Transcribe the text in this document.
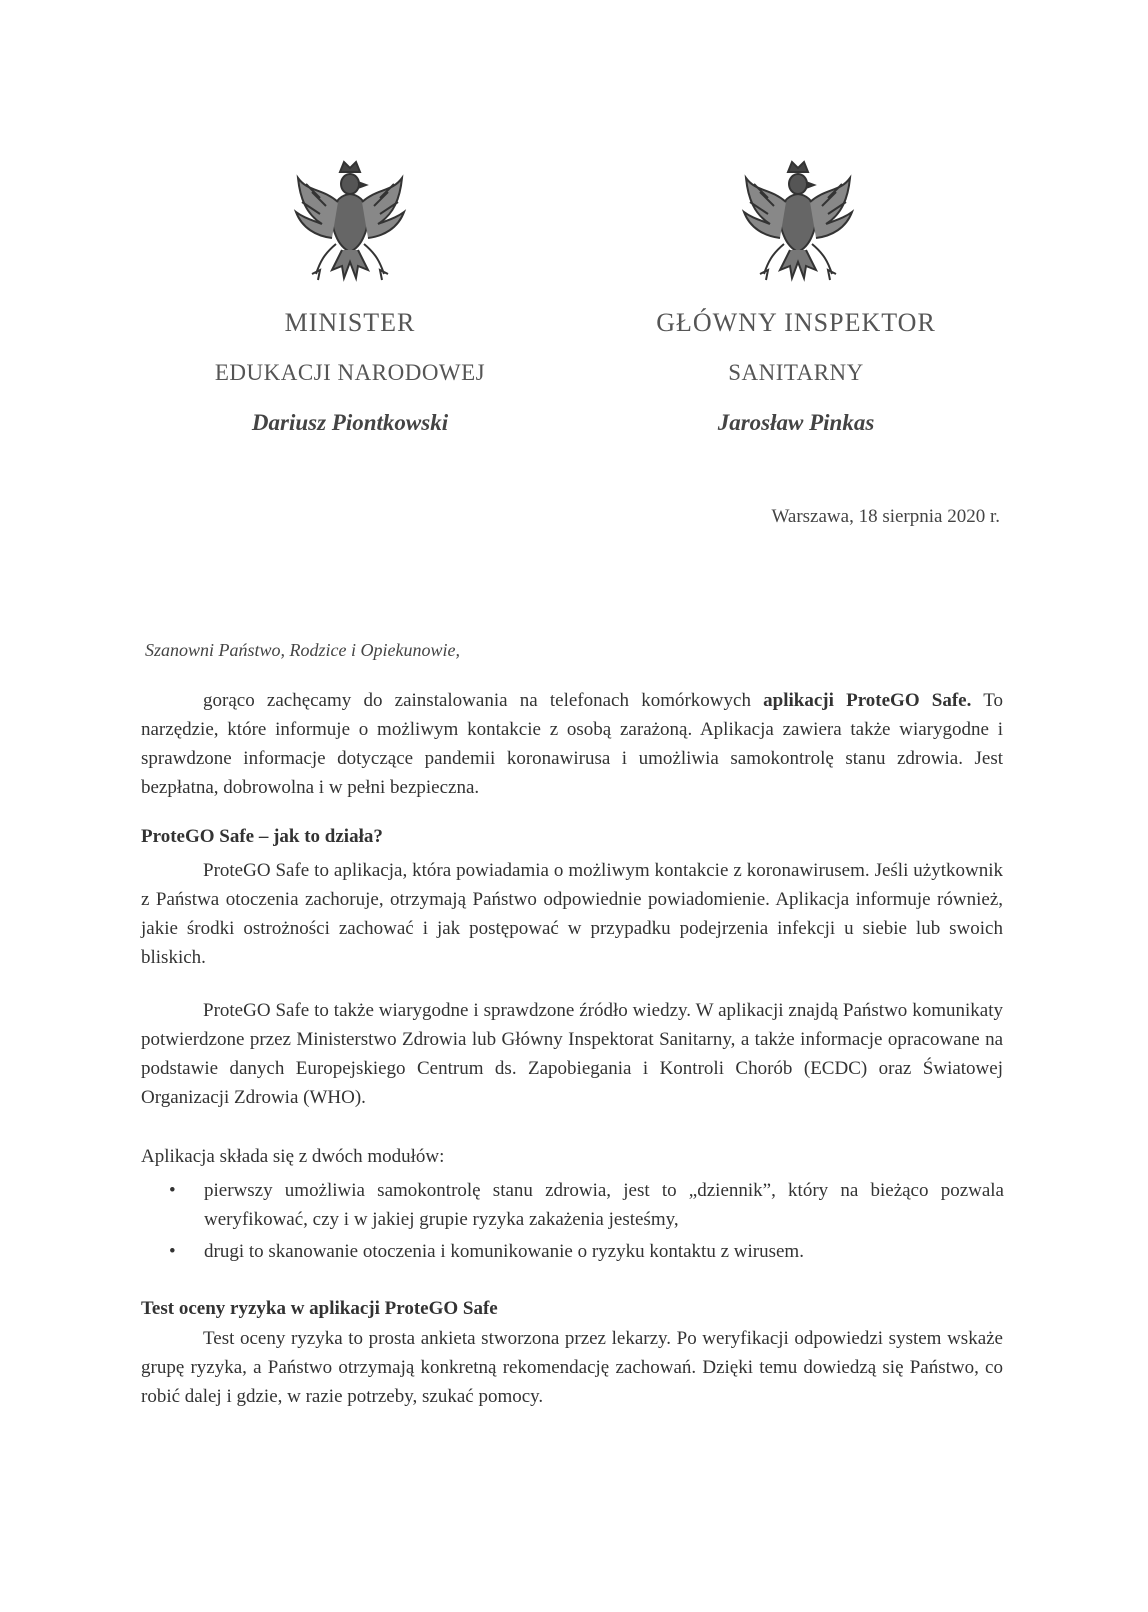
MINISTER
EDUKACJI NARODOWEJ
Dariusz Piontkowski
GŁÓWNY INSPEKTOR
SANITARNY
Jarosław Pinkas
Warszawa, 18 sierpnia 2020 r.
Szanowni Państwo, Rodzice i Opiekunowie,
gorąco zachęcamy do zainstalowania na telefonach komórkowych aplikacji ProteGO Safe. To narzędzie, które informuje o możliwym kontakcie z osobą zarażoną. Aplikacja zawiera także wiarygodne i sprawdzone informacje dotyczące pandemii koronawirusa i umożliwia samokontrolę stanu zdrowia. Jest bezpłatna, dobrowolna i w pełni bezpieczna.
ProteGO Safe – jak to działa?
ProteGO Safe to aplikacja, która powiadamia o możliwym kontakcie z koronawirusem. Jeśli użytkownik z Państwa otoczenia zachoruje, otrzymają Państwo odpowiednie powiadomienie. Aplikacja informuje również, jakie środki ostrożności zachować i jak postępować w przypadku podejrzenia infekcji u siebie lub swoich bliskich.
ProteGO Safe to także wiarygodne i sprawdzone źródło wiedzy. W aplikacji znajdą Państwo komunikaty potwierdzone przez Ministerstwo Zdrowia lub Główny Inspektorat Sanitarny, a także informacje opracowane na podstawie danych Europejskiego Centrum ds. Zapobiegania i Kontroli Chorób (ECDC) oraz Światowej Organizacji Zdrowia (WHO).
Aplikacja składa się z dwóch modułów:
• pierwszy umożliwia samokontrolę stanu zdrowia, jest to „dziennik”, który na bieżąco pozwala weryfikować, czy i w jakiej grupie ryzyka zakażenia jesteśmy,
• drugi to skanowanie otoczenia i komunikowanie o ryzyku kontaktu z wirusem.
Test oceny ryzyka w aplikacji ProteGO Safe
Test oceny ryzyka to prosta ankieta stworzona przez lekarzy. Po weryfikacji odpowiedzi system wskaże grupę ryzyka, a Państwo otrzymają konkretną rekomendację zachowań. Dzięki temu dowiedzą się Państwo, co robić dalej i gdzie, w razie potrzeby, szukać pomocy.
